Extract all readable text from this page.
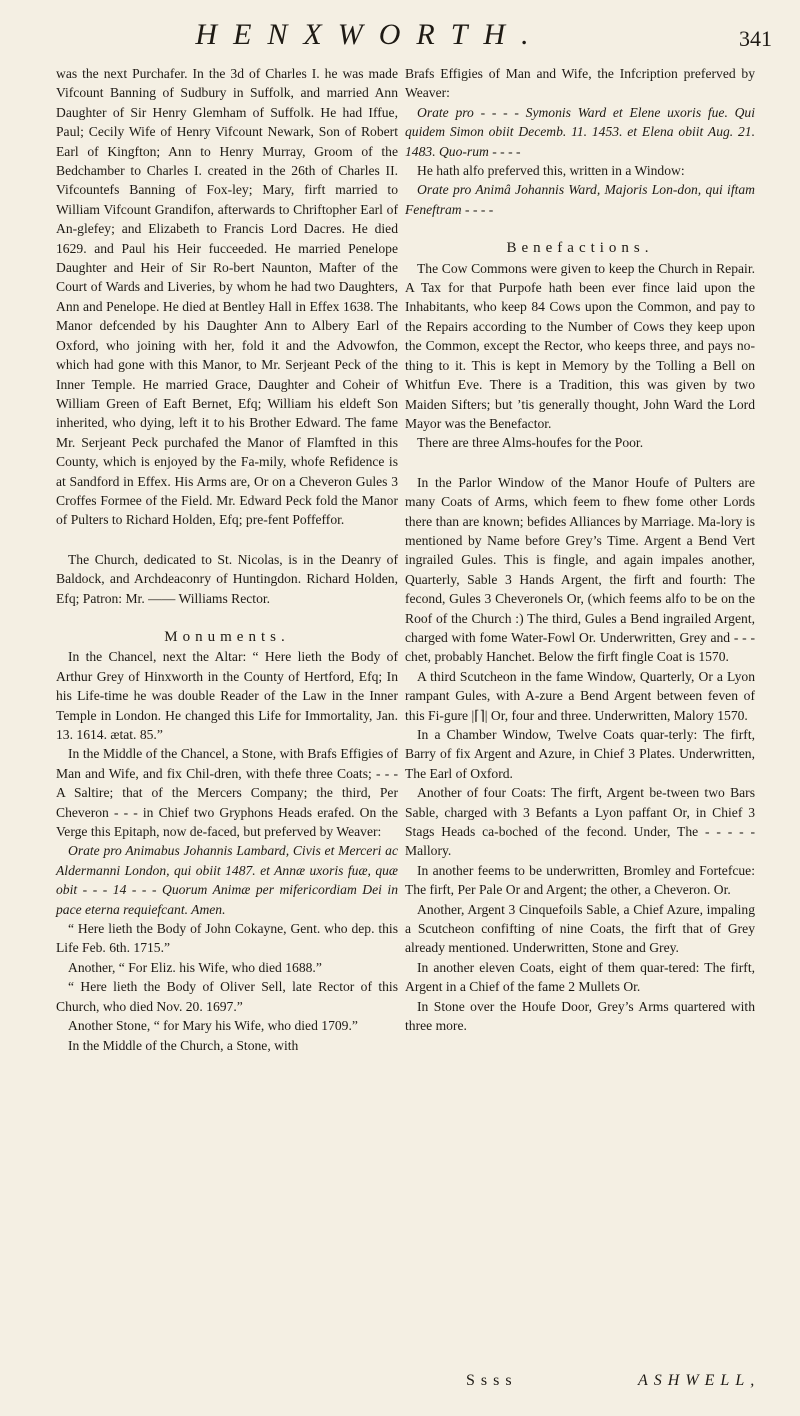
HENXWORTH.	341

was the next Purchafer. In the 3d of Charles I. he was made Vifcount Banning of Sudbury in Suffolk, and married Ann Daughter of Sir Henry Glemham of Suffolk. He had Iffue, Paul; Cecily Wife of Henry Vifcount Newark, Son of Robert Earl of Kingfton; Ann to Henry Murray, Groom of the Bedchamber to Charles I. created in the 26th of Charles II. Vifcountefs Banning of Fox-ley; Mary, firft married to William Vifcount Grandifon, afterwards to Chriftopher Earl of An-glefey; and Elizabeth to Francis Lord Dacres. He died 1629. and Paul his Heir fucceeded. He married Penelope Daughter and Heir of Sir Ro-bert Naunton, Mafter of the Court of Wards and Liveries, by whom he had two Daughters, Ann and Penelope. He died at Bentley Hall in Effex 1638. The Manor defcended by his Daughter Ann to Albery Earl of Oxford, who joining with her, fold it and the Advowfon, which had gone with this Manor, to Mr. Serjeant Peck of the Inner Temple. He married Grace, Daughter and Coheir of William Green of Eaft Bernet, Efq; William his eldeft Son inherited, who dying, left it to his Brother Edward. The fame Mr. Serjeant Peck purchafed the Manor of Flamfted in this County, which is enjoyed by the Fa-mily, whofe Refidence is at Sandford in Effex. His Arms are, Or on a Cheveron Gules 3 Croffes Formee of the Field. Mr. Edward Peck fold the Manor of Pulters to Richard Holden, Efq; pre-fent Poffeffor.

The Church, dedicated to St. Nicolas, is in the Deanry of Baldock, and Archdeaconry of Huntingdon. Richard Holden, Efq; Patron: Mr. —— Williams Rector.

Monuments.

In the Chancel, next the Altar: “ Here lieth the Body of Arthur Grey of Hinxworth in the County of Hertford, Efq; In his Life-time he was double Reader of the Law in the Inner Temple in London. He changed this Life for Immortality, Jan. 13. 1614. ætat. 85.”

In the Middle of the Chancel, a Stone, with Brafs Effigies of Man and Wife, and fix Chil-dren, with thefe three Coats; - - - A Saltire; that of the Mercers Company; the third, Per Cheveron - - - in Chief two Gryphons Heads erafed. On the Verge this Epitaph, now de-faced, but preferved by Weaver:

Orate pro Animabus Johannis Lambard, Civis et Merceri ac Aldermanni London, qui obiit 1487. et Annæ uxoris fuæ, quæ obit - - - 14 - - - Quorum Animæ per mifericordiam Dei in pace eterna requiefcant. Amen.

“ Here lieth the Body of John Cokayne, Gent. who dep. this Life Feb. 6th. 1715.”

Another, “ For Eliz. his Wife, who died 1688.”

“ Here lieth the Body of Oliver Sell, late Rector of this Church, who died Nov. 20. 1697.”

Another Stone, “ for Mary his Wife, who died 1709.”

In the Middle of the Church, a Stone, with

Brafs Effigies of Man and Wife, the Infcription preferved by Weaver:

Orate pro - - - - Symonis Ward et Elene uxoris fue. Qui quidem Simon obiit Decemb. 11. 1453. et Elena obiit Aug. 21. 1483. Quo-rum - - - -

He hath alfo preferved this, written in a Window:

Orate pro Animâ Johannis Ward, Majoris Lon-don, qui iftam Feneftram - - - -

Benefactions.

The Cow Commons were given to keep the Church in Repair. A Tax for that Purpofe hath been ever fince laid upon the Inhabitants, who keep 84 Cows upon the Common, and pay to the Repairs according to the Number of Cows they keep upon the Common, except the Rector, who keeps three, and pays no-thing to it. This is kept in Memory by the Tolling a Bell on Whitfun Eve. There is a Tradition, this was given by two Maiden Sifters; but ’tis generally thought, John Ward the Lord Mayor was the Benefactor.

There are three Alms-houfes for the Poor.

In the Parlor Window of the Manor Houfe of Pulters are many Coats of Arms, which feem to fhew fome other Lords there than are known; befides Alliances by Marriage. Ma-lory is mentioned by Name before Grey’s Time. Argent a Bend Vert ingrailed Gules. This is fingle, and again impales another, Quarterly, Sable 3 Hands Argent, the firft and fourth: The fecond, Gules 3 Cheveronels Or, (which feems alfo to be on the Roof of the Church :) The third, Gules a Bend ingrailed Argent, charged with fome Water-Fowl Or. Underwritten, Grey and - - - chet, probably Hanchet. Below the firft fingle Coat is 1570.

A third Scutcheon in the fame Window, Quarterly, Or a Lyon rampant Gules, with A-zure a Bend Argent between feven of this Fi-gure |⌈⌉| Or, four and three. Underwritten, Malory 1570.

In a Chamber Window, Twelve Coats quar-terly: The firft, Barry of fix Argent and Azure, in Chief 3 Plates. Underwritten, The Earl of Oxford.

Another of four Coats: The firft, Argent be-tween two Bars Sable, charged with 3 Befants a Lyon paffant Or, in Chief 3 Stags Heads ca-boched of the fecond. Under, The - - - - - Mallory.

In another feems to be underwritten, Bromley and Fortefcue: The firft, Per Pale Or and Argent; the other, a Cheveron. Or.

Another, Argent 3 Cinquefoils Sable, a Chief Azure, impaling a Scutcheon confifting of nine Coats, the firft that of Grey already mentioned. Underwritten, Stone and Grey.

In another eleven Coats, eight of them quar-tered: The firft, Argent in a Chief of the fame 2 Mullets Or.

In Stone over the Houfe Door, Grey’s Arms quartered with three more.

Ssss	ASHWELL,
